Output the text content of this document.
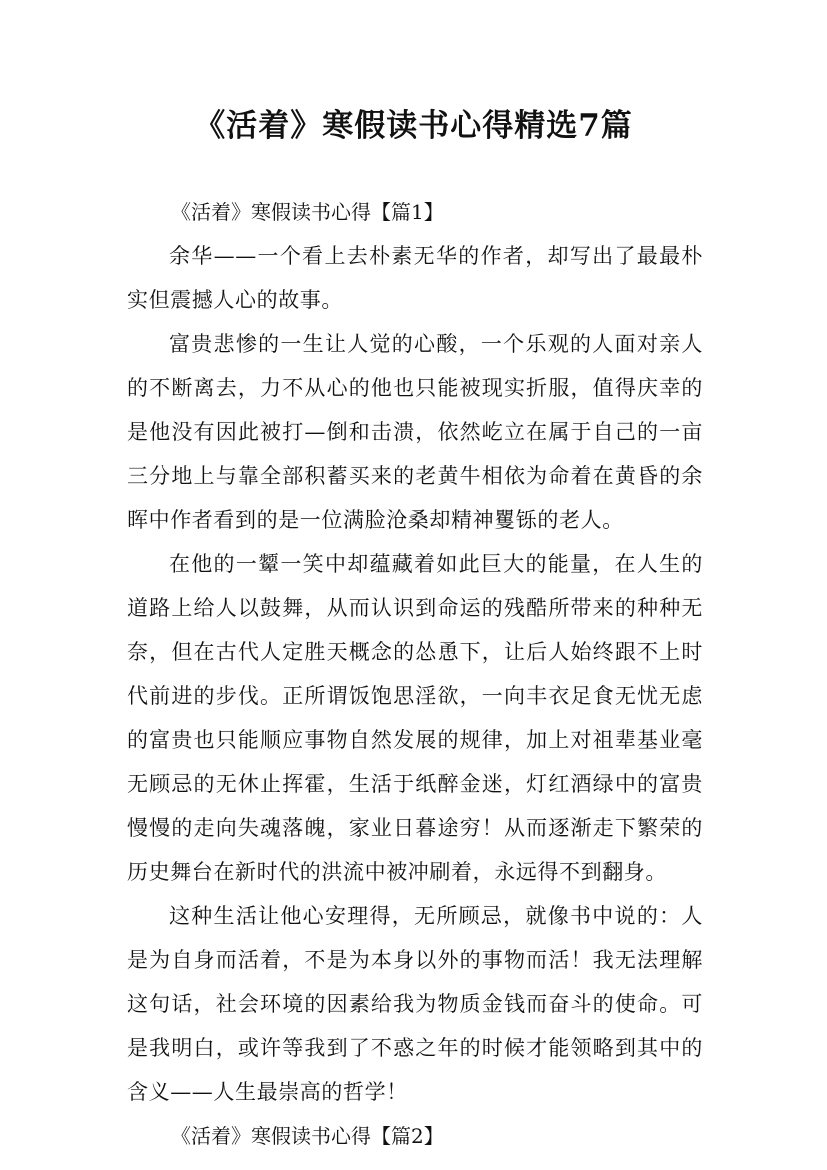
《活着》寒假读书心得精选7篇

《活着》寒假读书心得【篇1】

余华——一个看上去朴素无华的作者，却写出了最最朴实但震撼人心的故事。

富贵悲惨的一生让人觉的心酸，一个乐观的人面对亲人的不断离去，力不从心的他也只能被现实折服，值得庆幸的是他没有因此被打—倒和击溃，依然屹立在属于自己的一亩三分地上与靠全部积蓄买来的老黄牛相依为命着在黄昏的余晖中作者看到的是一位满脸沧桑却精神矍铄的老人。

在他的一颦一笑中却蕴藏着如此巨大的能量，在人生的道路上给人以鼓舞，从而认识到命运的残酷所带来的种种无奈，但在古代人定胜天概念的怂恿下，让后人始终跟不上时代前进的步伐。正所谓饭饱思淫欲，一向丰衣足食无忧无虑的富贵也只能顺应事物自然发展的规律，加上对祖辈基业毫无顾忌的无休止挥霍，生活于纸醉金迷，灯红酒绿中的富贵慢慢的走向失魂落魄，家业日暮途穷！从而逐渐走下繁荣的历史舞台在新时代的洪流中被冲刷着，永远得不到翻身。

这种生活让他心安理得，无所顾忌，就像书中说的：人是为自身而活着，不是为本身以外的事物而活！我无法理解这句话，社会环境的因素给我为物质金钱而奋斗的使命。可是我明白，或许等我到了不惑之年的时候才能领略到其中的含义——人生最崇高的哲学！

《活着》寒假读书心得【篇2】
